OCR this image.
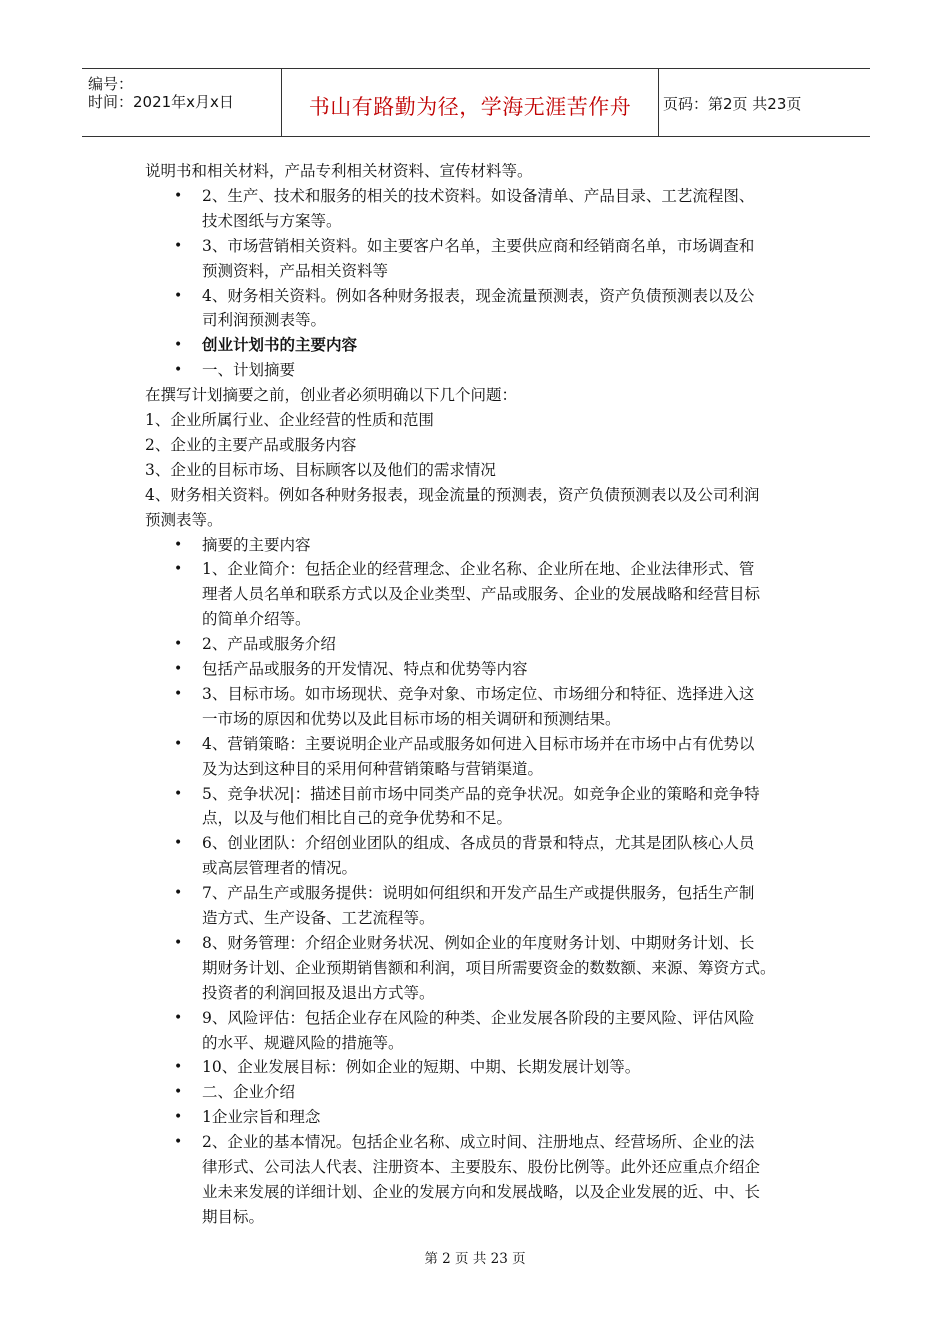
编号：
时间：2021年x月x日	书山有路勤为径，学海无涯苦作舟	页码：第2页 共23页
说明书和相关材料，产品专利相关材资料、宣传材料等。
• 2、生产、技术和服务的相关的技术资料。如设备清单、产品目录、工艺流程图、
技术图纸与方案等。
• 3、市场营销相关资料。如主要客户名单，主要供应商和经销商名单，市场调查和
预测资料，产品相关资料等
• 4、财务相关资料。例如各种财务报表，现金流量预测表，资产负债预测表以及公
司利润预测表等。
• 创业计划书的主要内容
• 一、计划摘要
在撰写计划摘要之前，创业者必须明确以下几个问题：
1、企业所属行业、企业经营的性质和范围
2、企业的主要产品或服务内容
3、企业的目标市场、目标顾客以及他们的需求情况
4、财务相关资料。例如各种财务报表，现金流量的预测表，资产负债预测表以及公司利润
预测表等。
• 摘要的主要内容
• 1、企业简介：包括企业的经营理念、企业名称、企业所在地、企业法律形式、管
理者人员名单和联系方式以及企业类型、产品或服务、企业的发展战略和经营目标
的简单介绍等。
• 2、产品或服务介绍
• 包括产品或服务的开发情况、特点和优势等内容
• 3、目标市场。如市场现状、竞争对象、市场定位、市场细分和特征、选择进入这
一市场的原因和优势以及此目标市场的相关调研和预测结果。
• 4、营销策略：主要说明企业产品或服务如何进入目标市场并在市场中占有优势以
及为达到这种目的采用何种营销策略与营销渠道。
• 5、竞争状况|：描述目前市场中同类产品的竞争状况。如竞争企业的策略和竞争特
点，以及与他们相比自己的竞争优势和不足。
• 6、创业团队：介绍创业团队的组成、各成员的背景和特点，尤其是团队核心人员
或高层管理者的情况。
• 7、产品生产或服务提供：说明如何组织和开发产品生产或提供服务，包括生产制
造方式、生产设备、工艺流程等。
• 8、财务管理：介绍企业财务状况、例如企业的年度财务计划、中期财务计划、长
期财务计划、企业预期销售额和利润，项目所需要资金的数数额、来源、筹资方式。
投资者的利润回报及退出方式等。
• 9、风险评估：包括企业存在风险的种类、企业发展各阶段的主要风险、评估风险
的水平、规避风险的措施等。
• 10、企业发展目标：例如企业的短期、中期、长期发展计划等。
• 二、企业介绍
• 1企业宗旨和理念
• 2、企业的基本情况。包括企业名称、成立时间、注册地点、经营场所、企业的法
律形式、公司法人代表、注册资本、主要股东、股份比例等。此外还应重点介绍企
业未来发展的详细计划、企业的发展方向和发展战略，以及企业发展的近、中、长
期目标。
第 2 页 共 23 页
